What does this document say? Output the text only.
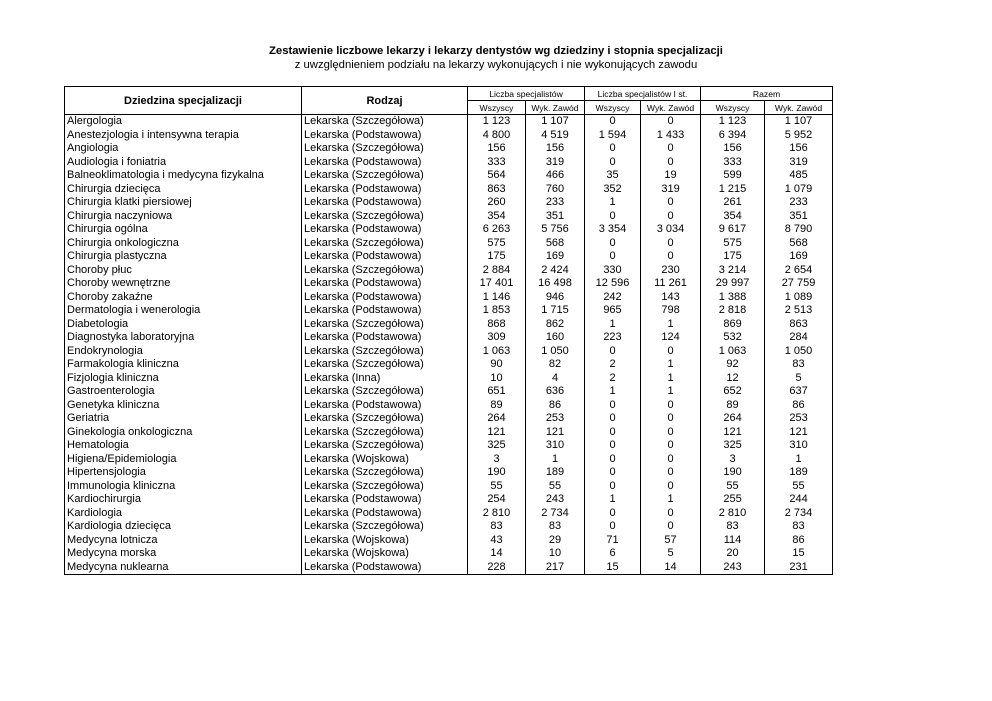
Zestawienie liczbowe lekarzy i lekarzy dentystów wg dziedziny i stopnia specjalizacji
z uwzględnieniem podziału na lekarzy wykonujących i nie wykonujących zawodu
Dziedzina specjalizacji	Rodzaj	Liczba specjalistów		Liczba specjalistów I st.		Razem	
		Wszyscy	Wyk. Zawód	Wszyscy	Wyk. Zawód	Wszyscy	Wyk. Zawód
Alergologia	Lekarska (Szczegółowa)	1 123	1 107	0	0	1 123	1 107
Anestezjologia i intensywna terapia	Lekarska (Podstawowa)	4 800	4 519	1 594	1 433	6 394	5 952
Angiologia	Lekarska (Szczegółowa)	156	156	0	0	156	156
Audiologia i foniatria	Lekarska (Podstawowa)	333	319	0	0	333	319
Balneoklimatologia i medycyna fizykalna	Lekarska (Szczegółowa)	564	466	35	19	599	485
Chirurgia dziecięca	Lekarska (Podstawowa)	863	760	352	319	1 215	1 079
Chirurgia klatki piersiowej	Lekarska (Podstawowa)	260	233	1	0	261	233
Chirurgia naczyniowa	Lekarska (Szczegółowa)	354	351	0	0	354	351
Chirurgia ogólna	Lekarska (Podstawowa)	6 263	5 756	3 354	3 034	9 617	8 790
Chirurgia onkologiczna	Lekarska (Szczegółowa)	575	568	0	0	575	568
Chirurgia plastyczna	Lekarska (Podstawowa)	175	169	0	0	175	169
Choroby płuc	Lekarska (Szczegółowa)	2 884	2 424	330	230	3 214	2 654
Choroby wewnętrzne	Lekarska (Podstawowa)	17 401	16 498	12 596	11 261	29 997	27 759
Choroby zakaźne	Lekarska (Podstawowa)	1 146	946	242	143	1 388	1 089
Dermatologia i wenerologia	Lekarska (Podstawowa)	1 853	1 715	965	798	2 818	2 513
Diabetologia	Lekarska (Szczegółowa)	868	862	1	1	869	863
Diagnostyka laboratoryjna	Lekarska (Podstawowa)	309	160	223	124	532	284
Endokrynologia	Lekarska (Szczegółowa)	1 063	1 050	0	0	1 063	1 050
Farmakologia kliniczna	Lekarska (Szczegółowa)	90	82	2	1	92	83
Fizjologia kliniczna	Lekarska (Inna)	10	4	2	1	12	5
Gastroenterologia	Lekarska (Szczegółowa)	651	636	1	1	652	637
Genetyka kliniczna	Lekarska (Podstawowa)	89	86	0	0	89	86
Geriatria	Lekarska (Szczegółowa)	264	253	0	0	264	253
Ginekologia onkologiczna	Lekarska (Szczegółowa)	121	121	0	0	121	121
Hematologia	Lekarska (Szczegółowa)	325	310	0	0	325	310
Higiena/Epidemiologia	Lekarska (Wojskowa)	3	1	0	0	3	1
Hipertensjologia	Lekarska (Szczegółowa)	190	189	0	0	190	189
Immunologia kliniczna	Lekarska (Szczegółowa)	55	55	0	0	55	55
Kardiochirurgia	Lekarska (Podstawowa)	254	243	1	1	255	244
Kardiologia	Lekarska (Podstawowa)	2 810	2 734	0	0	2 810	2 734
Kardiologia dziecięca	Lekarska (Szczegółowa)	83	83	0	0	83	83
Medycyna lotnicza	Lekarska (Wojskowa)	43	29	71	57	114	86
Medycyna morska	Lekarska (Wojskowa)	14	10	6	5	20	15
Medycyna nuklearna	Lekarska (Podstawowa)	228	217	15	14	243	231
